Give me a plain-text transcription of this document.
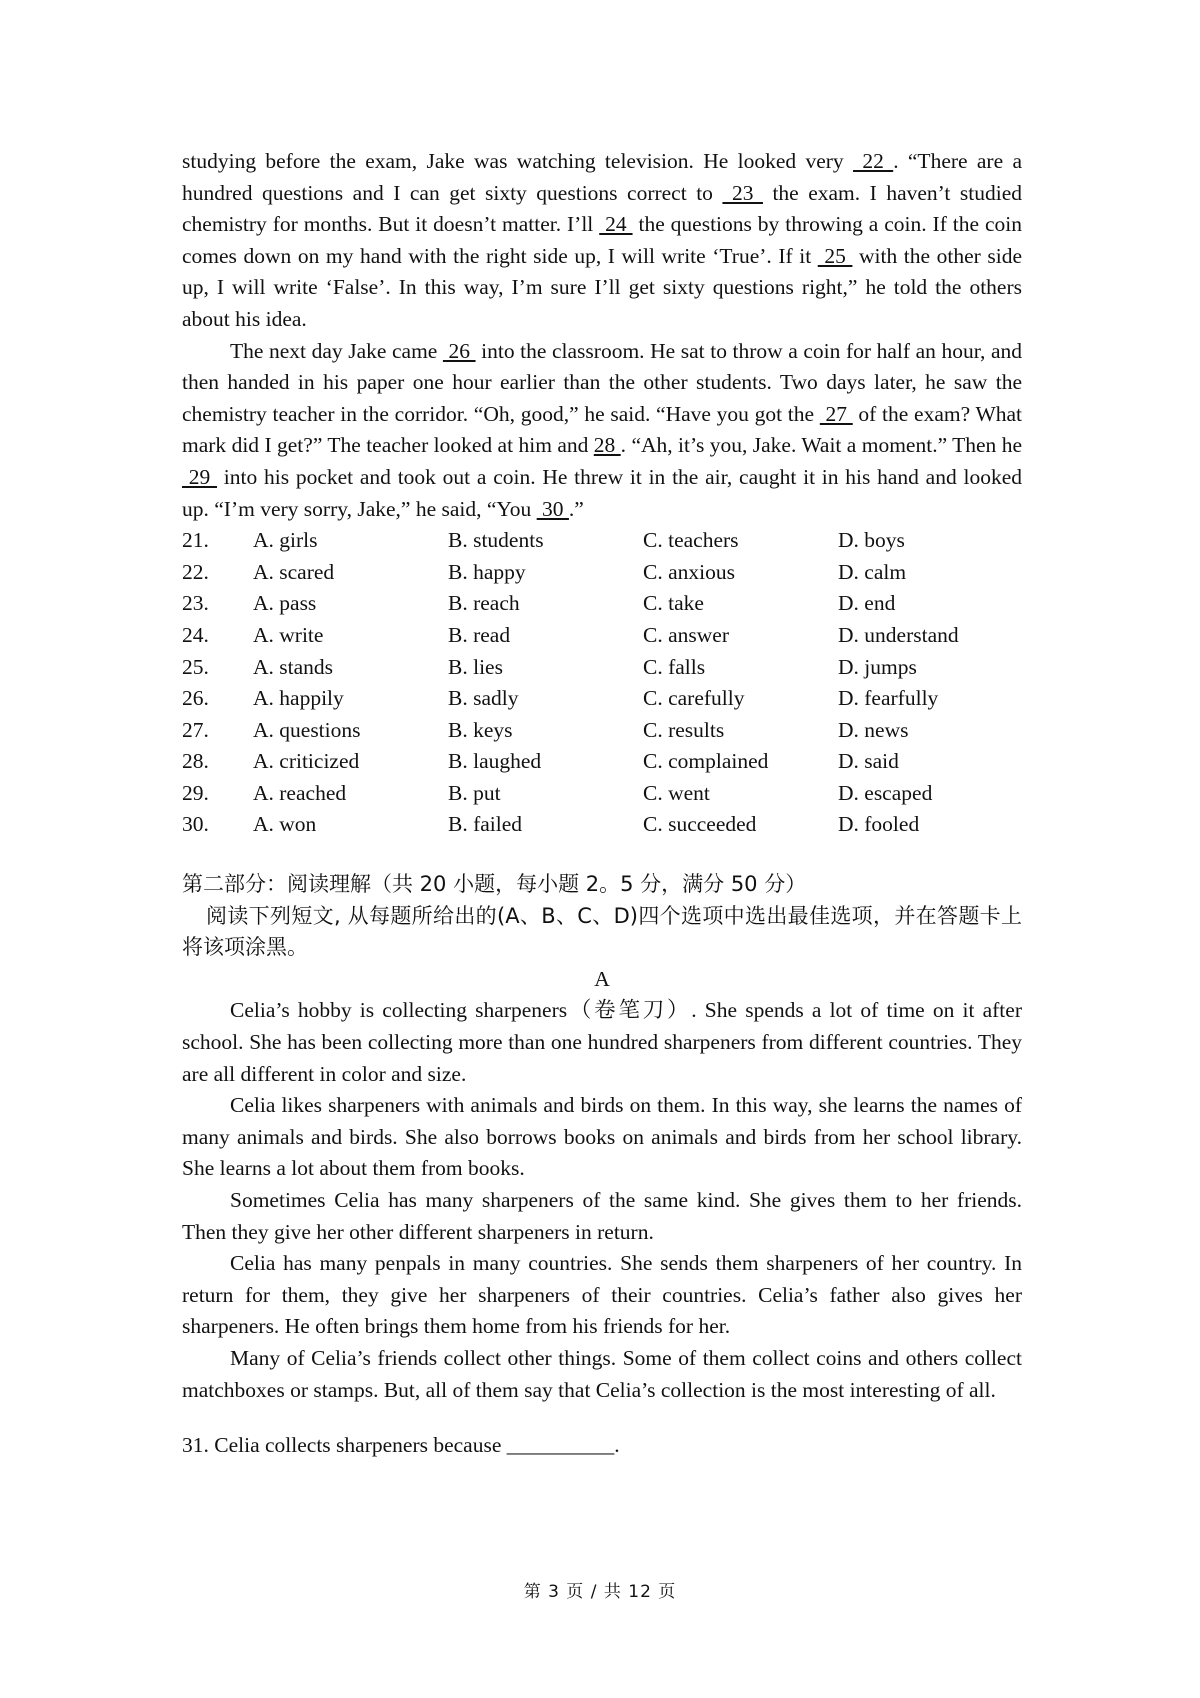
studying before the exam, Jake was watching television. He looked very  22 . “There are a hundred questions and I can get sixty questions correct to  23  the exam. I haven’t studied chemistry for months. But it doesn’t matter. I’ll  24  the questions by throwing a coin. If the coin comes down on my hand with the right side up, I will write ‘True’. If it  25  with the other side up, I will write ‘False’. In this way, I’m sure I’ll get sixty questions right,” he told the others about his idea.

The next day Jake came  26  into the classroom. He sat to throw a coin for half an hour, and then handed in his paper one hour earlier than the other students. Two days later, he saw the chemistry teacher in the corridor. “Oh, good,” he said. “Have you got the  27  of the exam? What mark did I get?” The teacher looked at him and 28 . “Ah, it’s you, Jake. Wait a moment.” Then he  29  into his pocket and took out a coin. He threw it in the air, caught it in his hand and looked up. “I’m very sorry, Jake,” he said, “You  30 .”

21.	A. girls	B. students	C. teachers	D. boys
22.	A. scared	B. happy	C. anxious	D. calm
23.	A. pass	B. reach	C. take	D. end
24.	A. write	B. read	C. answer	D. understand
25.	A. stands	B. lies	C. falls	D. jumps
26.	A. happily	B. sadly	C. carefully	D. fearfully
27.	A. questions	B. keys	C. results	D. news
28.	A. criticized	B. laughed	C. complained	D. said
29.	A. reached	B. put	C. went	D. escaped
30.	A. won	B. failed	C. succeeded	D. fooled

第二部分：阅读理解（共 20 小题，每小题 2。5 分，满分 50 分）

阅读下列短文, 从每题所给出的(A、B、C、D)四个选项中选出最佳选项，并在答题卡上将该项涂黑。

A

Celia’s hobby is collecting sharpeners（卷笔刀）. She spends a lot of time on it after school. She has been collecting more than one hundred sharpeners from different countries. They are all different in color and size.

Celia likes sharpeners with animals and birds on them. In this way, she learns the names of many animals and birds. She also borrows books on animals and birds from her school library. She learns a lot about them from books.

Sometimes Celia has many sharpeners of the same kind. She gives them to her friends. Then they give her other different sharpeners in return.

Celia has many penpals in many countries. She sends them sharpeners of her country. In return for them, they give her sharpeners of their countries. Celia’s father also gives her sharpeners. He often brings them home from his friends for her.

Many of Celia’s friends collect other things. Some of them collect coins and others collect matchboxes or stamps. But, all of them say that Celia’s collection is the most interesting of all.

31. Celia collects sharpeners because __________.

第 3 页 / 共 12 页
